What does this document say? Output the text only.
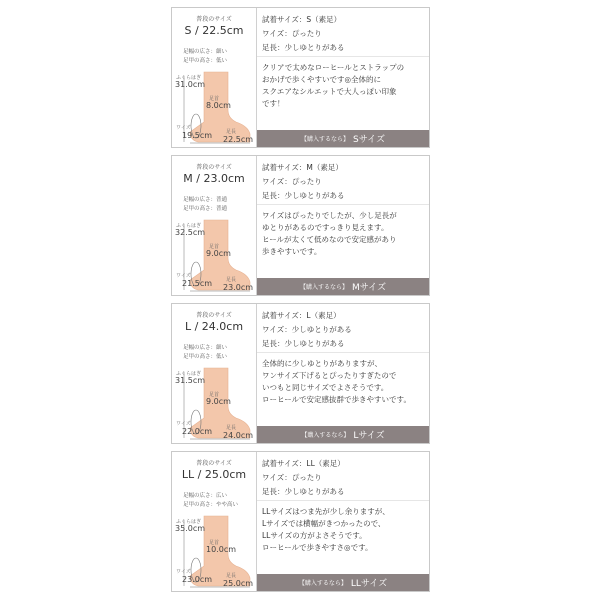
普段のサイズ
S / 22.5cm
足幅の広さ：細い
足甲の高さ：低い
ふくらはぎ
31.0cm
足首
8.0cm
ワイズ
19.5cm	足長
22.5cm
試着サイズ：S（素足）
ワイズ：ぴったり
足長：少しゆとりがある
クリアで太めなローヒールとストラップの
おかげで歩くやすいです◎全体的に
スクエアなシルエットで大人っぽい印象
です！
【購入するなら】 Sサイズ
普段のサイズ
M / 23.0cm
足幅の広さ：普通
足甲の高さ：普通
ふくらはぎ
32.5cm
足首
9.0cm
ワイズ
21.5cm	足長
23.0cm
試着サイズ：M（素足）
ワイズ：ぴったり
足長：少しゆとりがある
ワイズはぴったりでしたが、少し足長が
ゆとりがあるのですっきり見えます。
ヒールが太くて低めなので安定感があり
歩きやすいです。
【購入するなら】 Mサイズ
普段のサイズ
L / 24.0cm
足幅の広さ：細い
足甲の高さ：低い
ふくらはぎ
31.5cm
足首
9.0cm
ワイズ
22.0cm	足長
24.0cm
試着サイズ：L（素足）
ワイズ：少しゆとりがある
足長：少しゆとりがある
全体的に少しゆとりがありますが、
ワンサイズ下げるとぴったりすぎたので
いつもと同じサイズでよさそうです。
ローヒールで安定感抜群で歩きやすいです。
【購入するなら】 Lサイズ
普段のサイズ
LL / 25.0cm
足幅の広さ：広い
足甲の高さ：やや高い
ふくらはぎ
35.0cm
足首
10.0cm
ワイズ
23.0cm	足長
25.0cm
試着サイズ：LL（素足）
ワイズ：ぴったり
足長：少しゆとりがある
LLサイズはつま先が少し余りますが、
Lサイズでは横幅がきつかったので、
LLサイズの方がよさそうです。
ローヒールで歩きやすさ◎です。
【購入するなら】 LLサイズ
